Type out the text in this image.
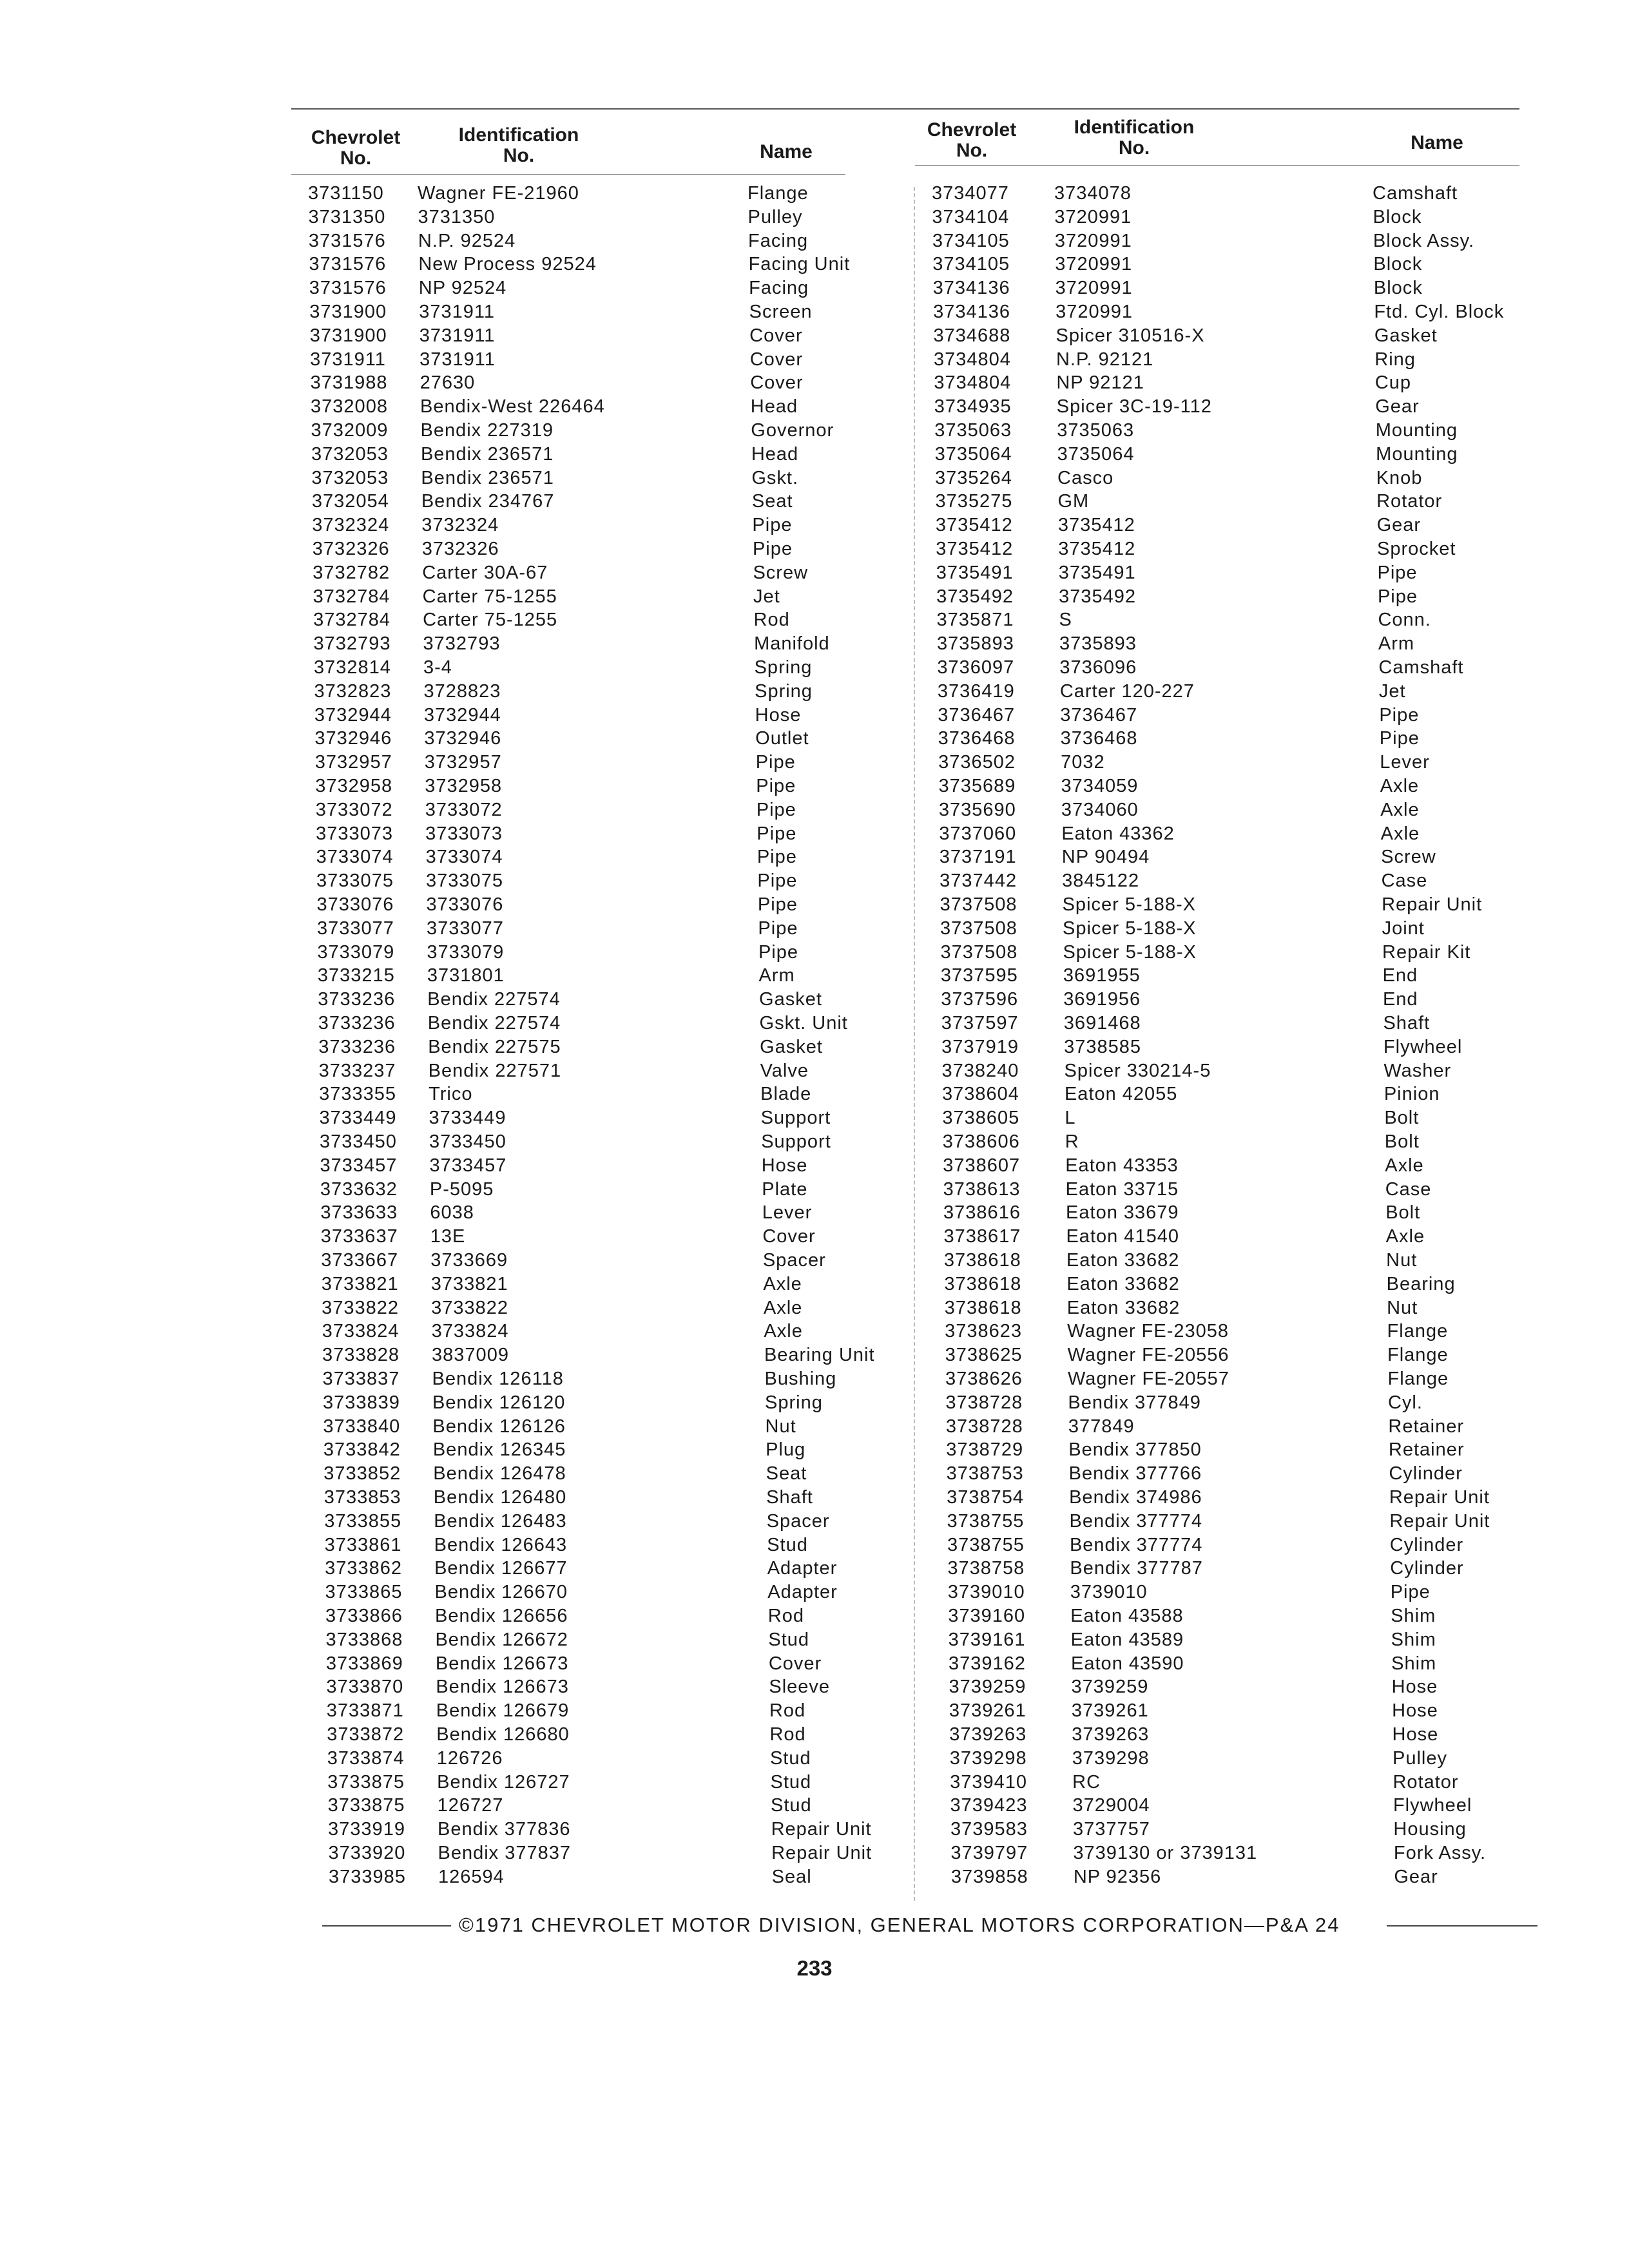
Chevrolet
No.
Identification
No.	Name
Chevrolet
No.
Identification
No.	Name
3731150 Wagner FE-21960	Flange
3731350 3731350	Pulley
3731576 N.P. 92524	Facing
3731576 New Process 92524	Facing Unit
3731576 NP 92524	Facing
3731900 3731911	Screen
3731900 3731911	Cover
3731911 3731911	Cover
3731988 27630	Cover
3732008 Bendix-West 226464	Head
3732009 Bendix 227319	Governor
3732053 Bendix 236571	Head
3732053 Bendix 236571	Gskt.
3732054 Bendix 234767	Seat
3732324 3732324	Pipe
3732326 3732326	Pipe
3732782 Carter 30A-67	Screw
3732784 Carter 75-1255	Jet
3732784 Carter 75-1255	Rod
3732793 3732793	Manifold
3732814 3-4	Spring
3732823 3728823	Spring
3732944 3732944	Hose
3732946 3732946	Outlet
3732957 3732957	Pipe
3732958 3732958	Pipe
3733072 3733072	Pipe
3733073 3733073	Pipe
3733074 3733074	Pipe
3733075 3733075	Pipe
3733076 3733076	Pipe
3733077 3733077	Pipe
3733079 3733079	Pipe
3733215 3731801	Arm
3733236 Bendix 227574	Gasket
3733236 Bendix 227574	Gskt. Unit
3733236 Bendix 227575	Gasket
3733237 Bendix 227571	Valve
3733355 Trico	Blade
3733449 3733449	Support
3733450 3733450	Support
3733457 3733457	Hose
3733632 P-5095	Plate
3733633 6038	Lever
3733637 13E	Cover
3733667 3733669	Spacer
3733821 3733821	Axle
3733822 3733822	Axle
3733824 3733824	Axle
3733828 3837009	Bearing Unit
3733837 Bendix 126118	Bushing
3733839 Bendix 126120	Spring
3733840 Bendix 126126	Nut
3733842 Bendix 126345	Plug
3733852 Bendix 126478	Seat
3733853 Bendix 126480	Shaft
3733855 Bendix 126483	Spacer
3733861 Bendix 126643	Stud
3733862 Bendix 126677	Adapter
3733865 Bendix 126670	Adapter
3733866 Bendix 126656	Rod
3733868 Bendix 126672	Stud
3733869 Bendix 126673	Cover
3733870 Bendix 126673	Sleeve
3733871 Bendix 126679	Rod
3733872 Bendix 126680	Rod
3733874 126726	Stud
3733875 Bendix 126727	Stud
3733875 126727	Stud
3733919 Bendix 377836	Repair Unit
3733920 Bendix 377837	Repair Unit
3733985 126594	Seal
3734077 3734078	Camshaft
3734104 3720991	Block
3734105 3720991	Block Assy.
3734105 3720991	Block
3734136 3720991	Block
3734136 3720991	Ftd. Cyl. Block
3734688 Spicer 310516-X	Gasket
3734804 N.P. 92121	Ring
3734804 NP 92121	Cup
3734935 Spicer 3C-19-112	Gear
3735063 3735063	Mounting
3735064 3735064	Mounting
3735264 Casco	Knob
3735275 GM	Rotator
3735412 3735412	Gear
3735412 3735412	Sprocket
3735491 3735491	Pipe
3735492 3735492	Pipe
3735871 S	Conn.
3735893 3735893	Arm
3736097 3736096	Camshaft
3736419 Carter 120-227	Jet
3736467 3736467	Pipe
3736468 3736468	Pipe
3736502 7032	Lever
3735689 3734059	Axle
3735690 3734060	Axle
3737060 Eaton 43362	Axle
3737191 NP 90494	Screw
3737442 3845122	Case
3737508 Spicer 5-188-X	Repair Unit
3737508 Spicer 5-188-X	Joint
3737508 Spicer 5-188-X	Repair Kit
3737595 3691955	End
3737596 3691956	End
3737597 3691468	Shaft
3737919 3738585	Flywheel
3738240 Spicer 330214-5	Washer
3738604 Eaton 42055	Pinion
3738605 L	Bolt
3738606 R	Bolt
3738607 Eaton 43353	Axle
3738613 Eaton 33715	Case
3738616 Eaton 33679	Bolt
3738617 Eaton 41540	Axle
3738618 Eaton 33682	Nut
3738618 Eaton 33682	Bearing
3738618 Eaton 33682	Nut
3738623 Wagner FE-23058	Flange
3738625 Wagner FE-20556	Flange
3738626 Wagner FE-20557	Flange
3738728 Bendix 377849	Cyl.
3738728 377849	Retainer
3738729 Bendix 377850	Retainer
3738753 Bendix 377766	Cylinder
3738754 Bendix 374986	Repair Unit
3738755 Bendix 377774	Repair Unit
3738755 Bendix 377774	Cylinder
3738758 Bendix 377787	Cylinder
3739010 3739010	Pipe
3739160 Eaton 43588	Shim
3739161 Eaton 43589	Shim
3739162 Eaton 43590	Shim
3739259 3739259	Hose
3739261 3739261	Hose
3739263 3739263	Hose
3739298 3739298	Pulley
3739410 RC	Rotator
3739423 3729004	Flywheel
3739583 3737757	Housing
3739797 3739130 or 3739131	Fork Assy.
3739858 NP 92356	Gear
©1971 CHEVROLET MOTOR DIVISION, GENERAL MOTORS CORPORATION—P&A 24
233
